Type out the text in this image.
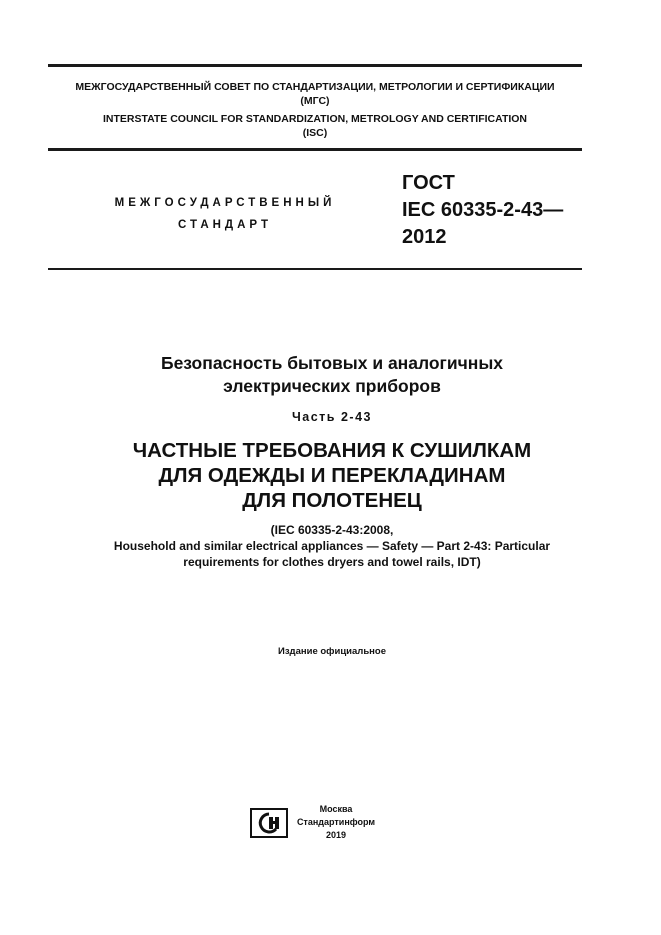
МЕЖГОСУДАРСТВЕННЫЙ СОВЕТ ПО СТАНДАРТИЗАЦИИ, МЕТРОЛОГИИ И СЕРТИФИКАЦИИ
(МГС)
INTERSTATE COUNCIL FOR STANDARDIZATION, METROLOGY AND CERTIFICATION
(ISC)
МЕЖГОСУДАРСТВЕННЫЙ
СТАНДАРТ
ГОСТ
IEC 60335-2-43—
2012
Безопасность бытовых и аналогичных
электрических приборов
Часть 2-43
ЧАСТНЫЕ ТРЕБОВАНИЯ К СУШИЛКАМ
ДЛЯ ОДЕЖДЫ И ПЕРЕКЛАДИНАМ
ДЛЯ ПОЛОТЕНЕЦ
(IEC 60335-2-43:2008,
Household and similar electrical appliances — Safety — Part 2-43: Particular
requirements for clothes dryers and towel rails, IDT)
Издание официальное
Москва
Стандартинформ
2019
